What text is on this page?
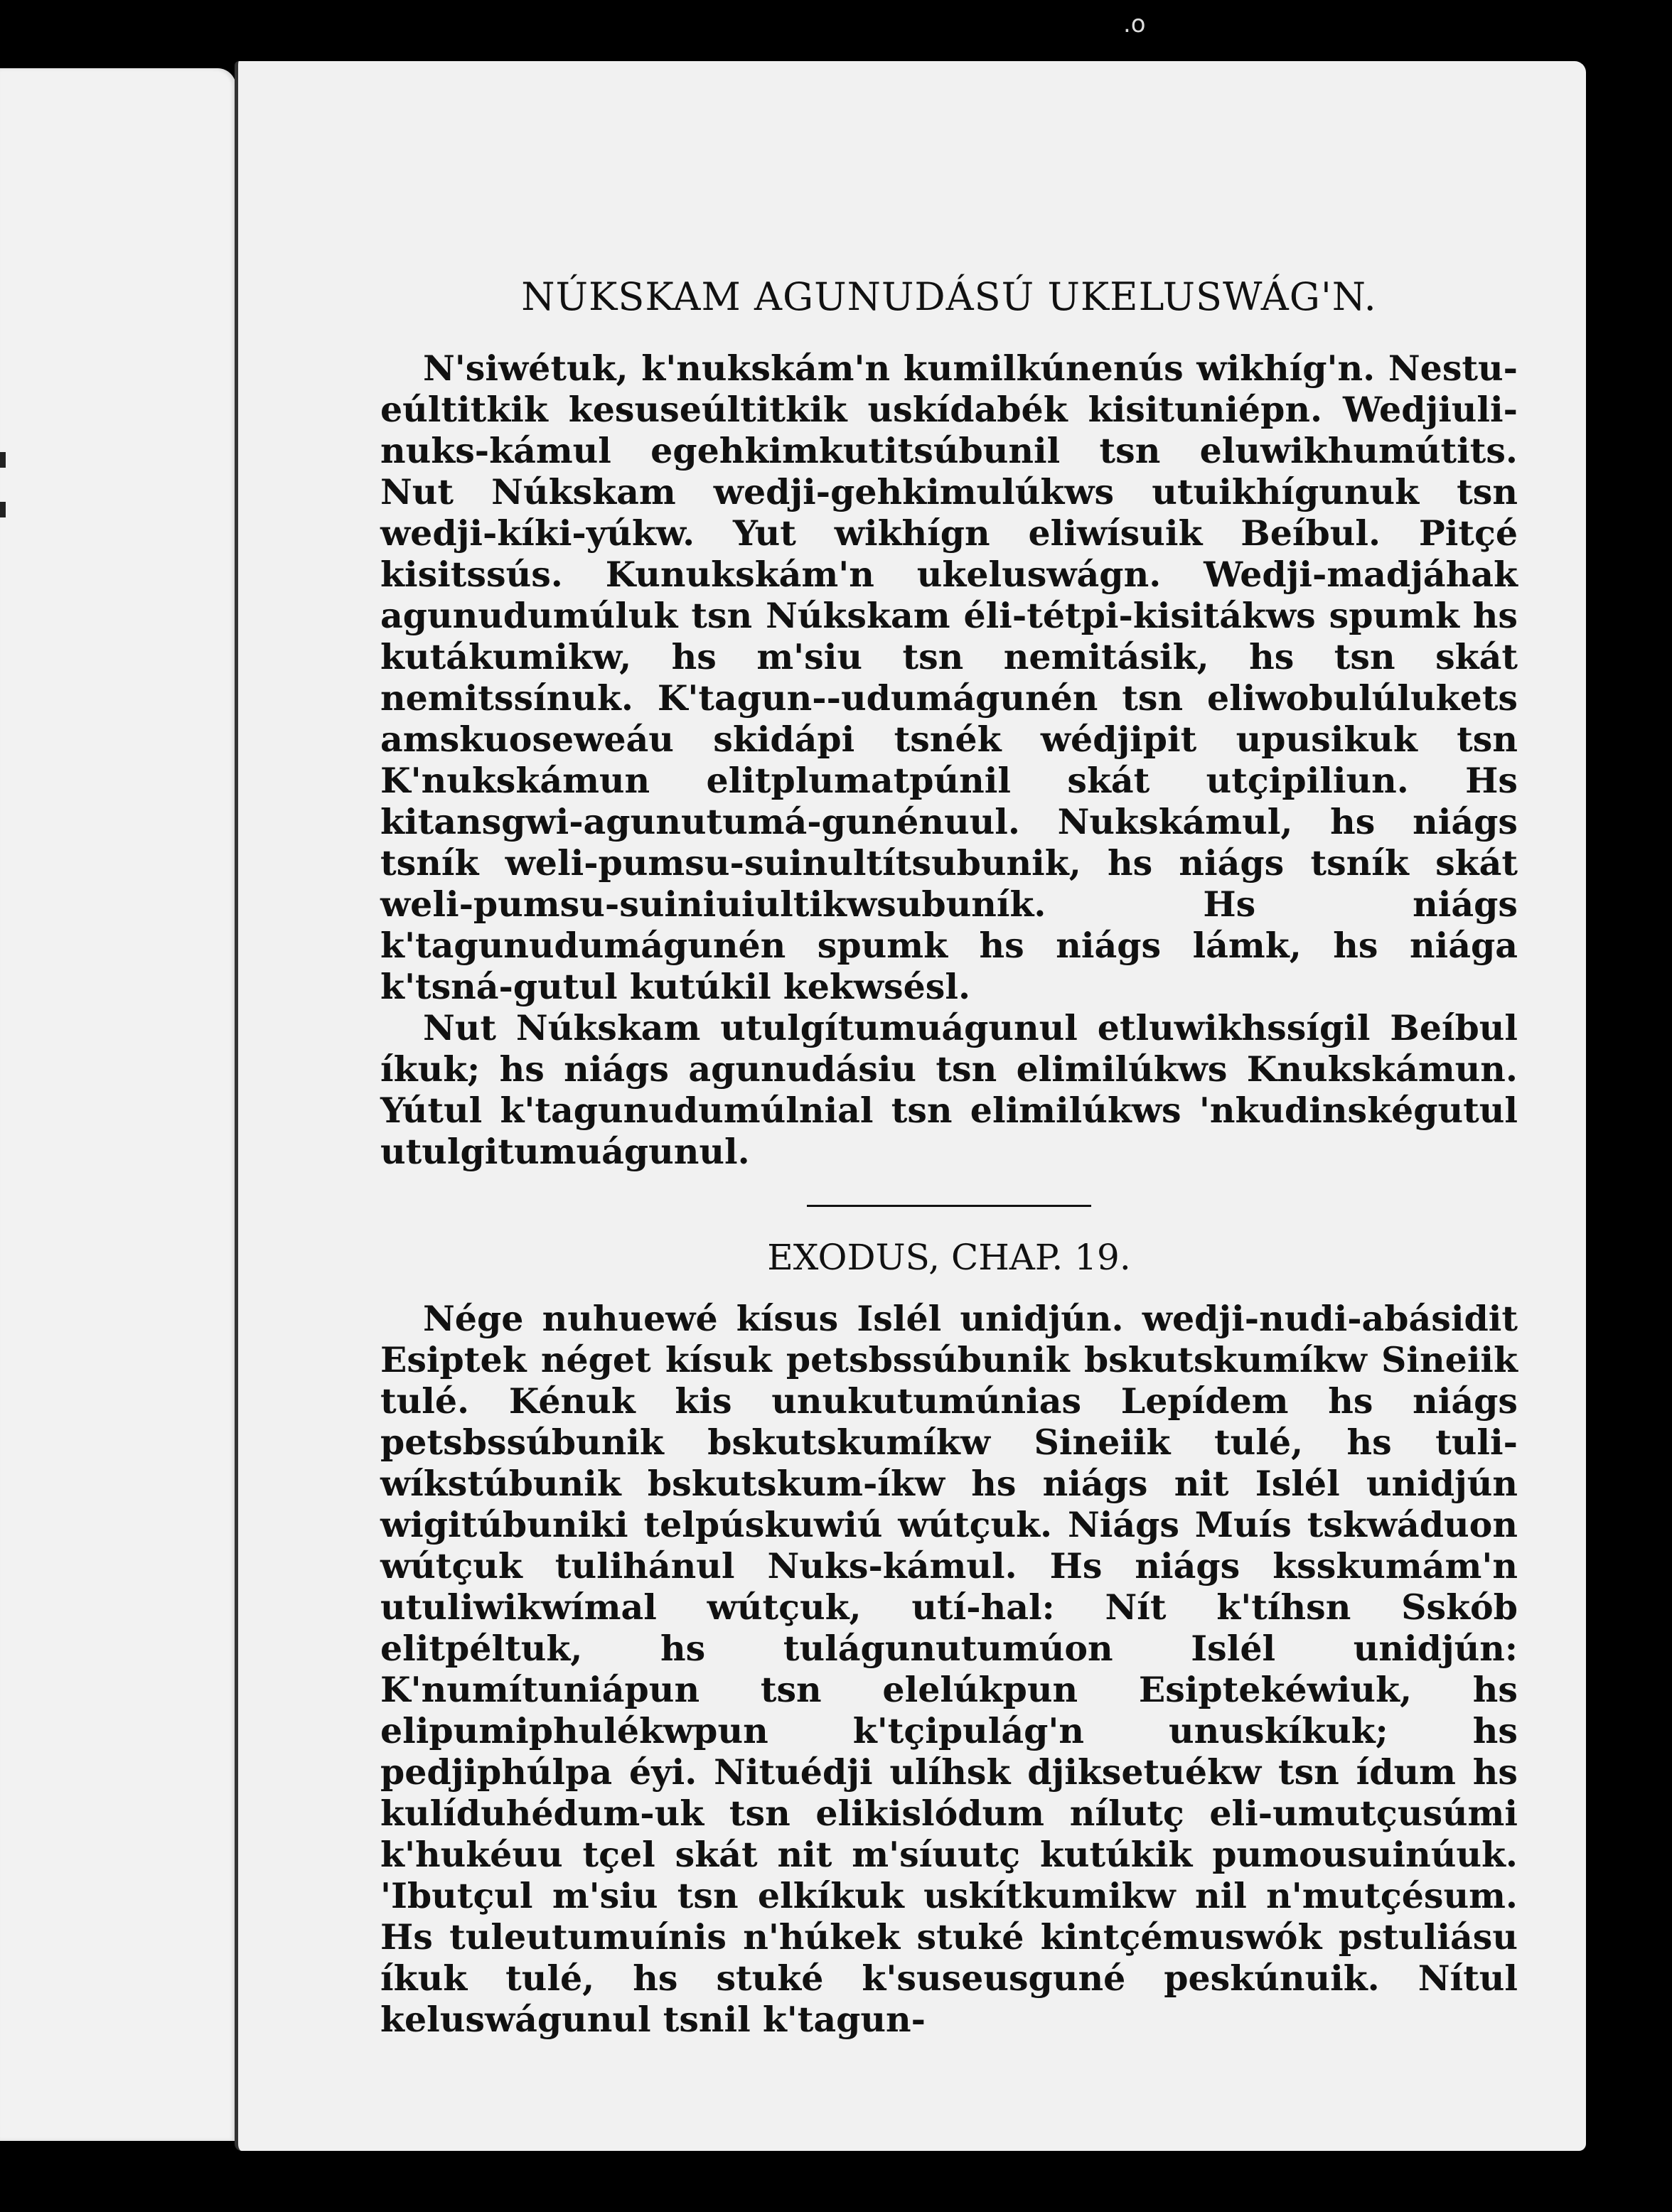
.o
NÚKSKAM AGUNUDÁSÚ UKELUSWÁG'N.

N'siwétuk, k'nukskám'n kumilkúnenús wikhíg'n. Nestu-eúltitkik kesuseúltitkik uskídabék kisituniépn. Wedjiuli-nuks-kámul egehkimkutitsúbunil tsn eluwikhumútits. Nut Núkskam wedji-gehkimulúkws utuikhígunuk tsn wedji-kíki-yúkw. Yut wikhígn eliwísuik Beíbul. Pitçé kisitssús. Kunukskám'n ukeluswágn. Wedji-madjáhak agunudumúluk tsn Núkskam éli-tétpi-kisitákws spumk hs kutákumikw, hs m'siu tsn nemitásik, hs tsn skát nemitssínuk. K'tagun--udumágunén tsn eliwobulúlukets amskuoseweáu skidápi tsnék wédjipit upusikuk tsn K'nukskámun elitplumatpúnil skát utçipiliun. Hs kitansgwi-agunutumá-gunénuul. Nukskámul, hs niágs tsník weli-pumsu-suinultítsubunik, hs niágs tsník skát weli-pumsu-suiniuiultikwsubuník. Hs niágs k'tagunudumágunén spumk hs niágs lámk, hs niága k'tsná-gutul kutúkil kekwsésl.

Nut Núkskam utulgítumuágunul etluwikhssígil Beíbul íkuk; hs niágs agunudásiu tsn elimilúkws Knukskámun. Yútul k'tagunudumúlnial tsn elimilúkws 'nkudinskégutul utulgitumuágunul.

EXODUS, CHAP. 19.

Nége nuhuewé kísus Islél unidjún. wedji-nudi-abásidit Esiptek néget kísuk petsbssúbunik bskutskumíkw Sineiik tulé. Kénuk kis unukutumúnias Lepídem hs niágs petsbssúbunik bskutskumíkw Sineiik tulé, hs tuli-wíkstúbunik bskutskum-íkw hs niágs nit Islél unidjún wigitúbuniki telpúskuwiú wútçuk. Niágs Muís tskwáduon wútçuk tulihánul Nuks-kámul. Hs niágs ksskumám'n utuliwikwímal wútçuk, utí-hal: Nít k'tíhsn Sskób elitpéltuk, hs tulágunutumúon Islél unidjún: K'numítuniápun tsn elelúkpun Esiptekéwiuk, hs elipumiphulékwpun k'tçipulág'n unuskíkuk; hs pedjiphúlpa éyi. Nituédji ulíhsk djiksetuékw tsn ídum hs kulíduhédum-uk tsn elikislódum nílutç eli-umutçusúmi k'hukéuu tçel skát nit m'síuutç kutúkik pumousuinúuk. 'Ibutçul m'siu tsn elkíkuk uskítkumikw nil n'mutçésum. Hs tuleutumuínis n'húkek stuké kintçémuswók pstuliásu íkuk tulé, hs stuké k'suseusguné peskúnuik. Nítul keluswágunul tsnil k'tagun-
